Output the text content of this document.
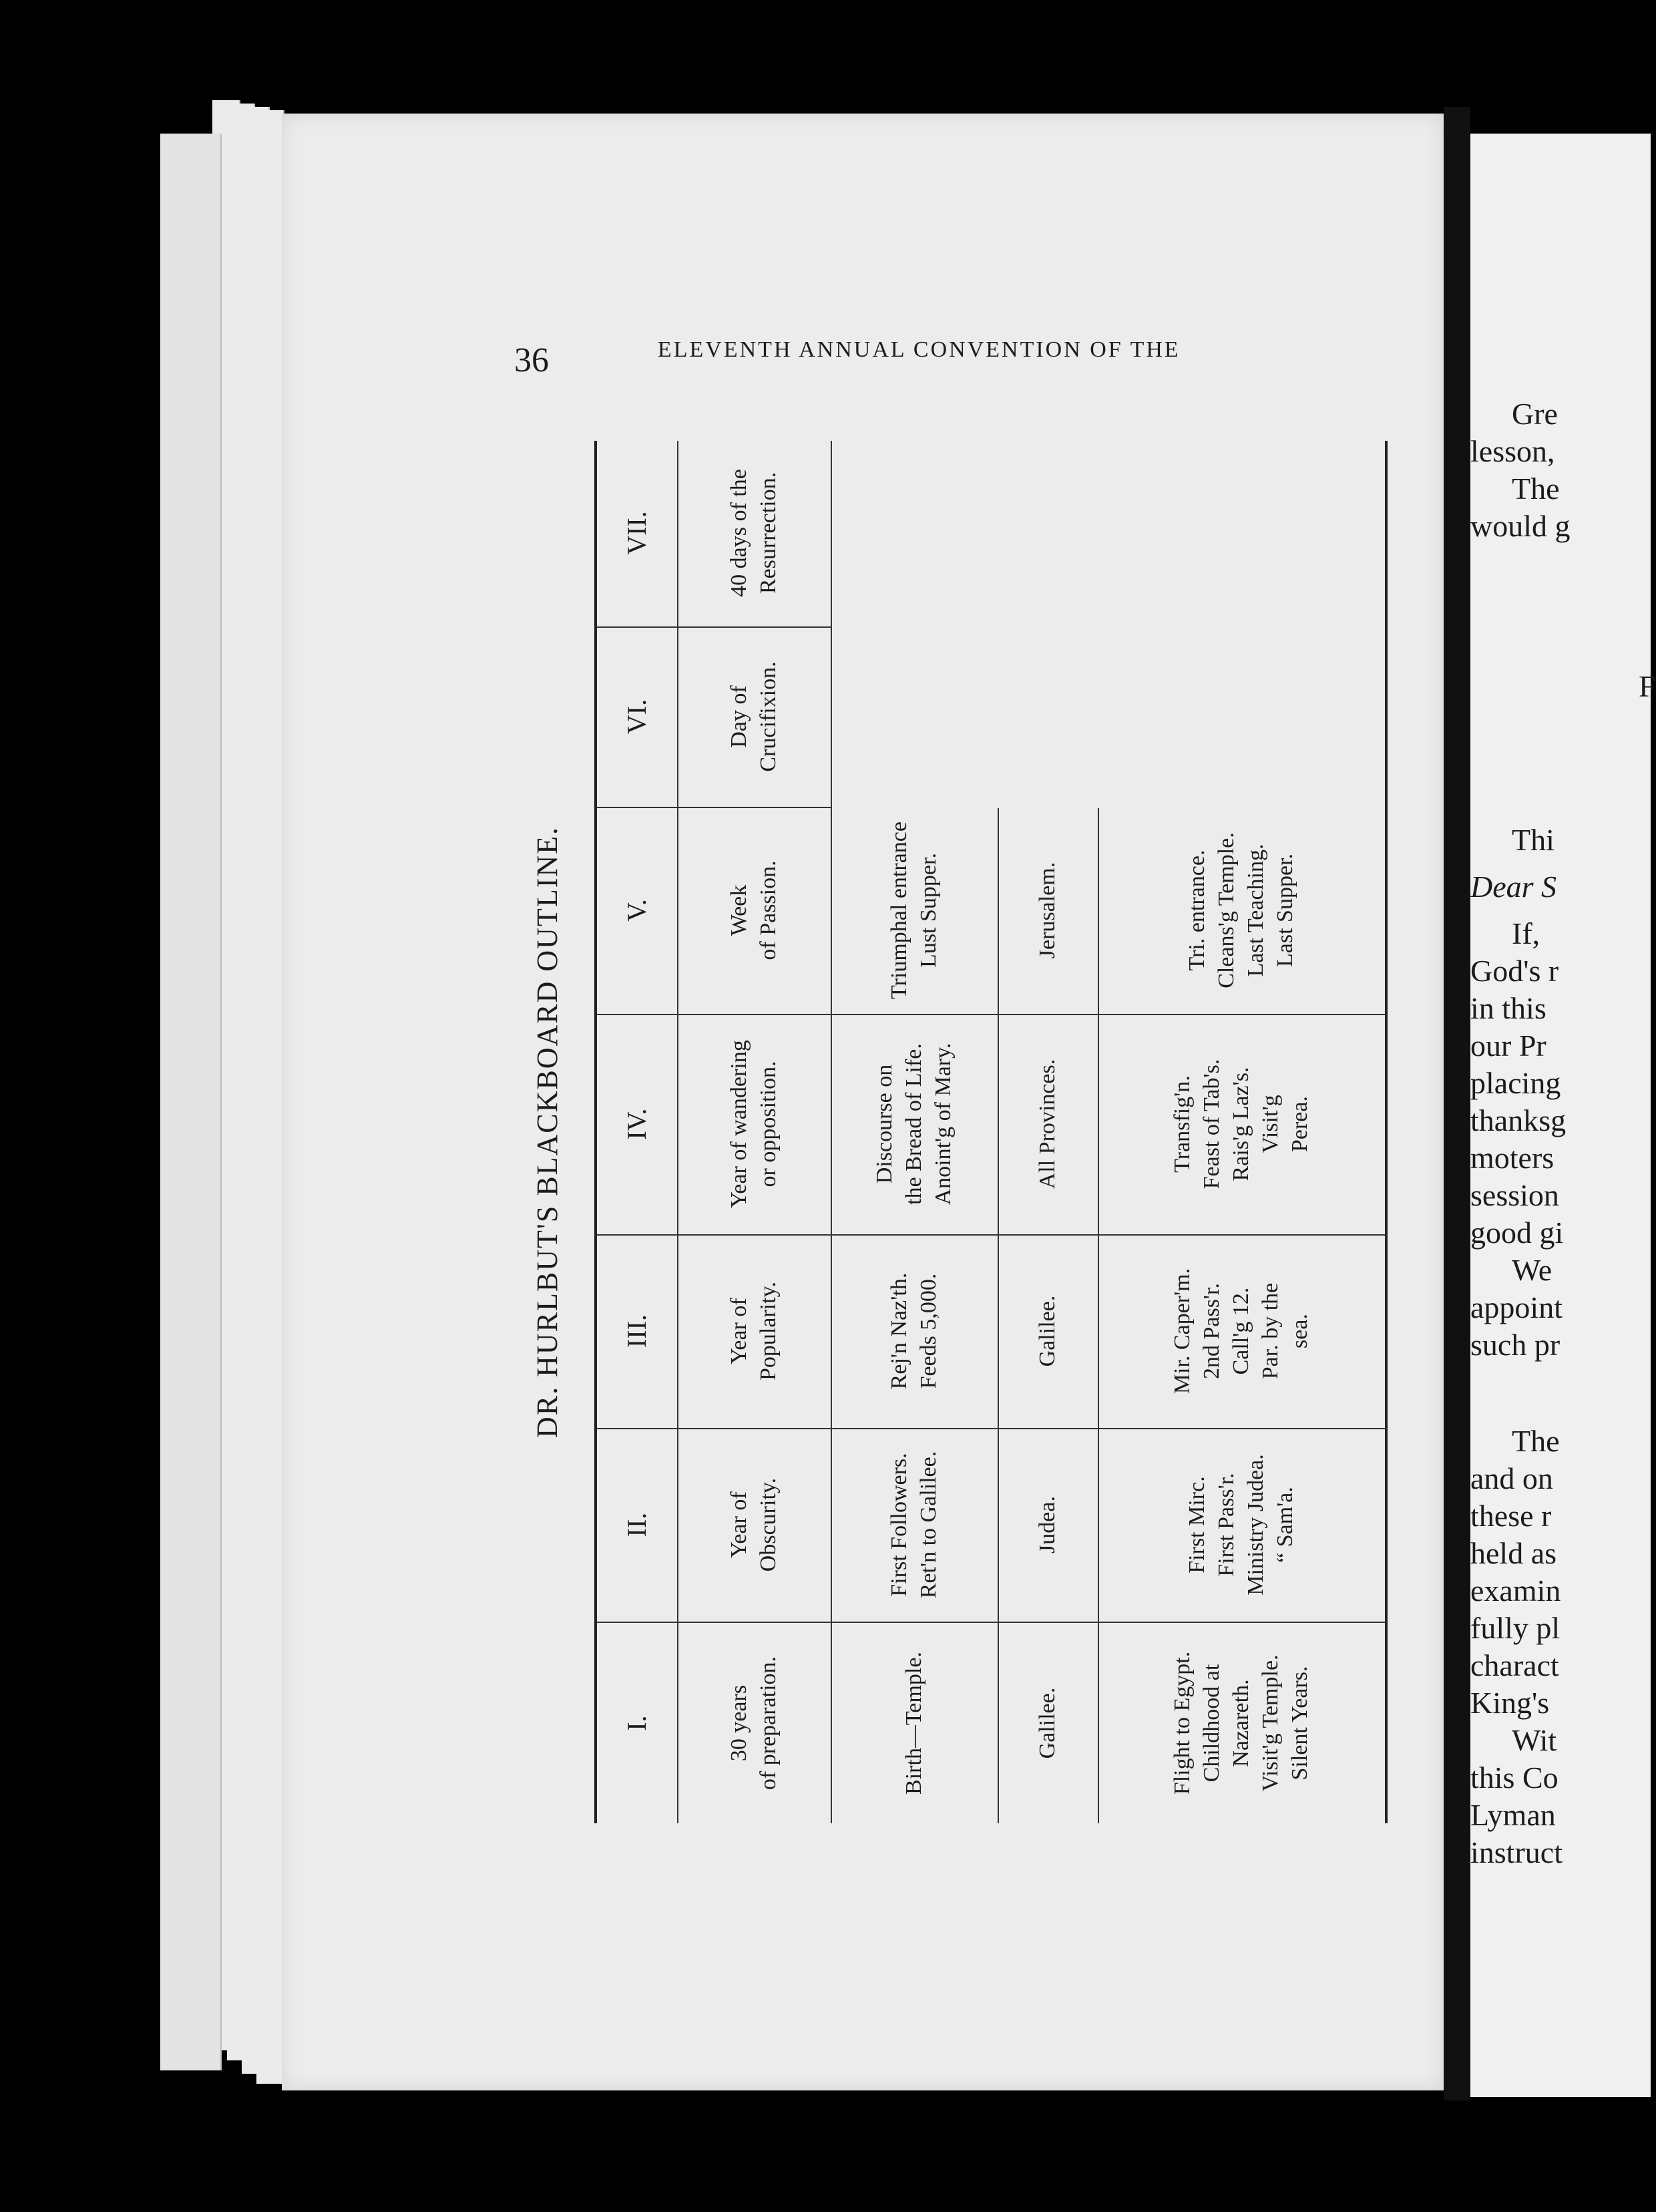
36	ELEVENTH ANNUAL CONVENTION OF THE
DR. HURLBUT'S BLACKBOARD OUTLINE.
I.	30 years of preparation.	Birth—Temple.	Galilee.	Flight to Egypt. Childhood at Nazareth. Visit'g Temple. Silent Years.
II.	Year of Obscurity.	First Followers. Ret'n to Galilee.	Judea.	First Mirc. First Pass'r. Ministry Judea. “ Sam'a.
III.	Year of Popularity.	Rej'n Naz'th. Feeds 5,000.	Galilee.	Mir. Caper'm. 2nd Pass'r. Call'g 12. Par. by the sea.
IV.	Year of wandering or opposition.	Discourse on the Bread of Life. Anoint'g of Mary.	All Provinces.	Transfig'n. Feast of Tab's. Rais'g Laz's. Visit'g Perea.
V.	Week of Passion.	Triumphal entrance Lust Supper.	Jerusalem.	Tri. entrance. Cleans'g Temple. Last Teaching. Last Supper.
VI.	Day of Crucifixion.
VII.	40 days of the Resurrection.
Gre
lesson,
The
would g
F
Thi
Dear S
If,
God's r
in this
our Pr
placing
thanksg
moters
session
good gi
We
appoint
such pr
The
and on
these r
held as
examin
fully pl
charact
King's
Wit
this Co
Lyman
instruct
